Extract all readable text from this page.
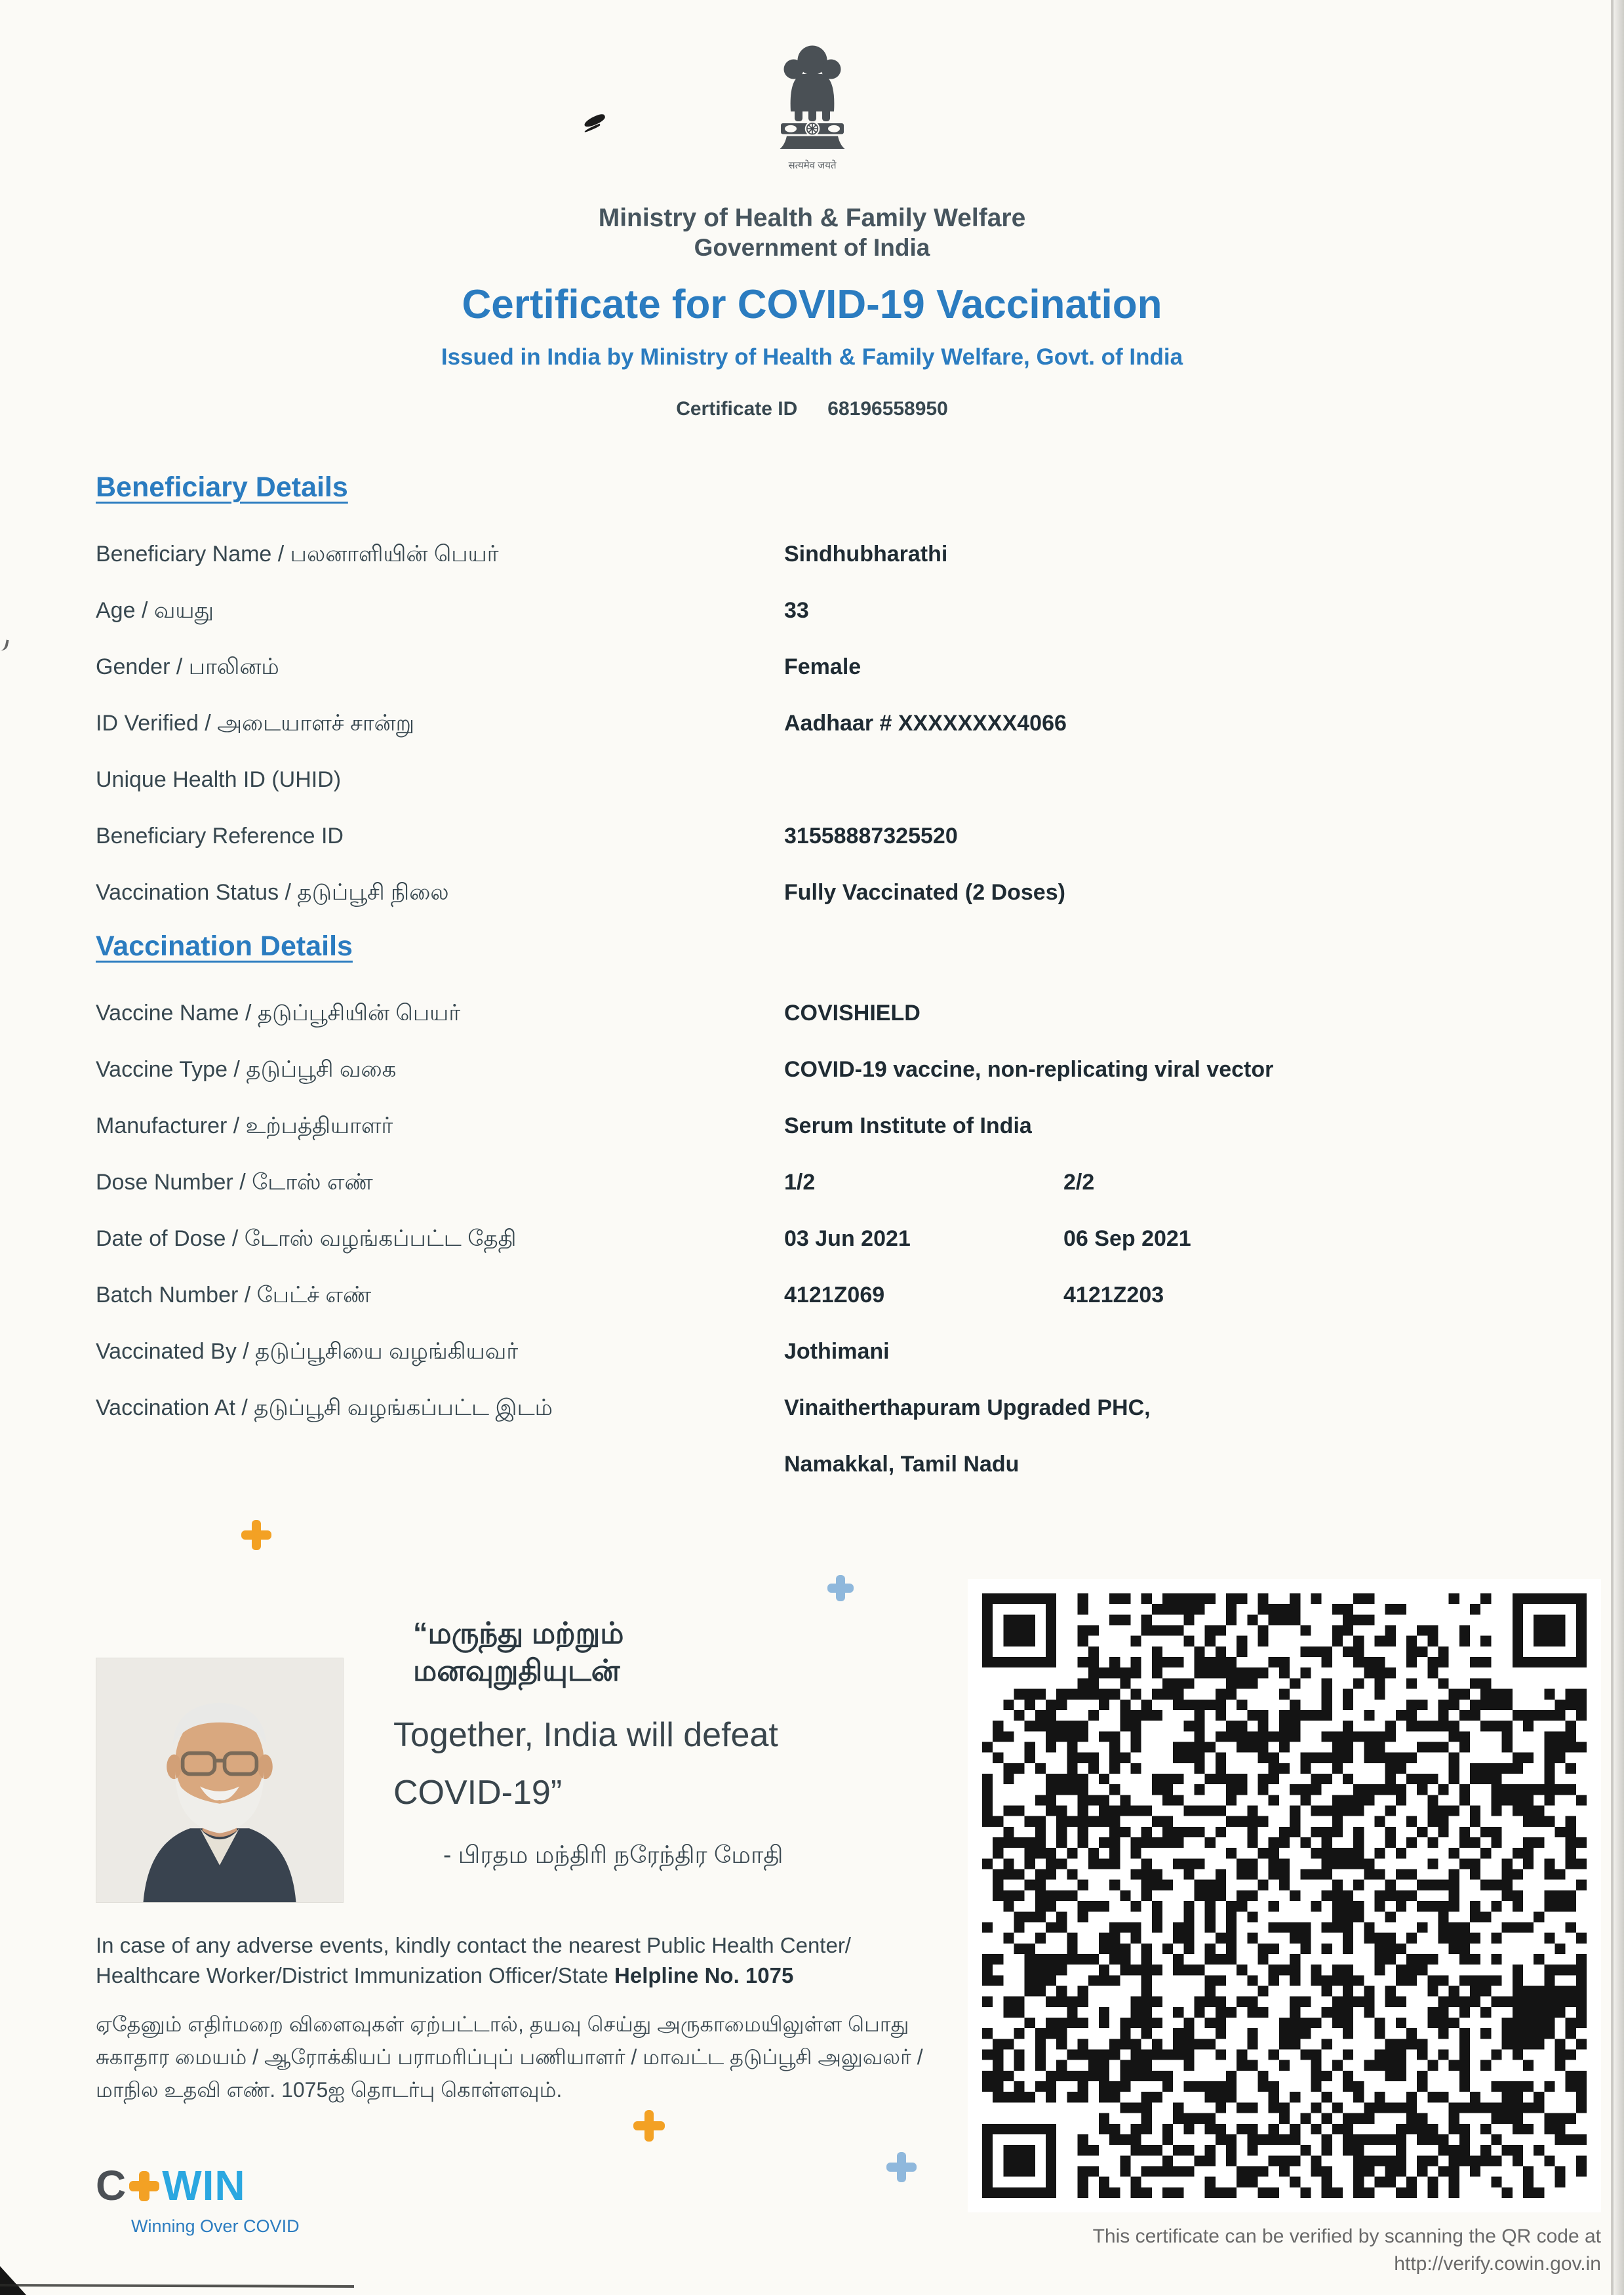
सत्यमेव जयते
Ministry of Health & Family Welfare
Government of India
Certificate for COVID-19 Vaccination
Issued in India by Ministry of Health & Family Welfare, Govt. of India
Certificate ID 68196558950
Beneficiary Details
Beneficiary Name / பலனாளியின் பெயர்	Sindhubharathi
Age / வயது	33
Gender / பாலினம்	Female
ID Verified / அடையாளச் சான்று	Aadhaar # XXXXXXXX4066
Unique Health ID (UHID)
Beneficiary Reference ID	31558887325520
Vaccination Status / தடுப்பூசி நிலை	Fully Vaccinated (2 Doses)
Vaccination Details
Vaccine Name / தடுப்பூசியின் பெயர்	COVISHIELD
Vaccine Type / தடுப்பூசி வகை	COVID-19 vaccine, non-replicating viral vector
Manufacturer / உற்பத்தியாளர்	Serum Institute of India
Dose Number / டோஸ் எண்	1/2	2/2
Date of Dose / டோஸ் வழங்கப்பட்ட தேதி	03 Jun 2021	06 Sep 2021
Batch Number / பேட்ச் எண்	4121Z069	4121Z203
Vaccinated By / தடுப்பூசியை வழங்கியவர்	Jothimani
Vaccination At / தடுப்பூசி வழங்கப்பட்ட இடம்	Vinaitherthapuram Upgraded PHC,
Namakkal, Tamil Nadu
“மருந்து மற்றும்
மனவுறுதியுடன்
Together, India will defeat
COVID-19”
- பிரதம மந்திரி நரேந்திர மோதி

In case of any adverse events, kindly contact the nearest Public Health Center/ Healthcare Worker/District Immunization Officer/State Helpline No. 1075

ஏதேனும் எதிர்மறை விளைவுகள் ஏற்பட்டால், தயவு செய்து அருகாமையிலுள்ள பொது சுகாதார மையம் / ஆரோக்கியப் பராமரிப்புப் பணியாளர் / மாவட்ட தடுப்பூசி அலுவலர் / மாநில உதவி எண். 1075ஐ தொடர்பு கொள்ளவும்.

C WIN
Winning Over COVID	This certificate can be verified by scanning the QR code at
http://verify.cowin.gov.in
